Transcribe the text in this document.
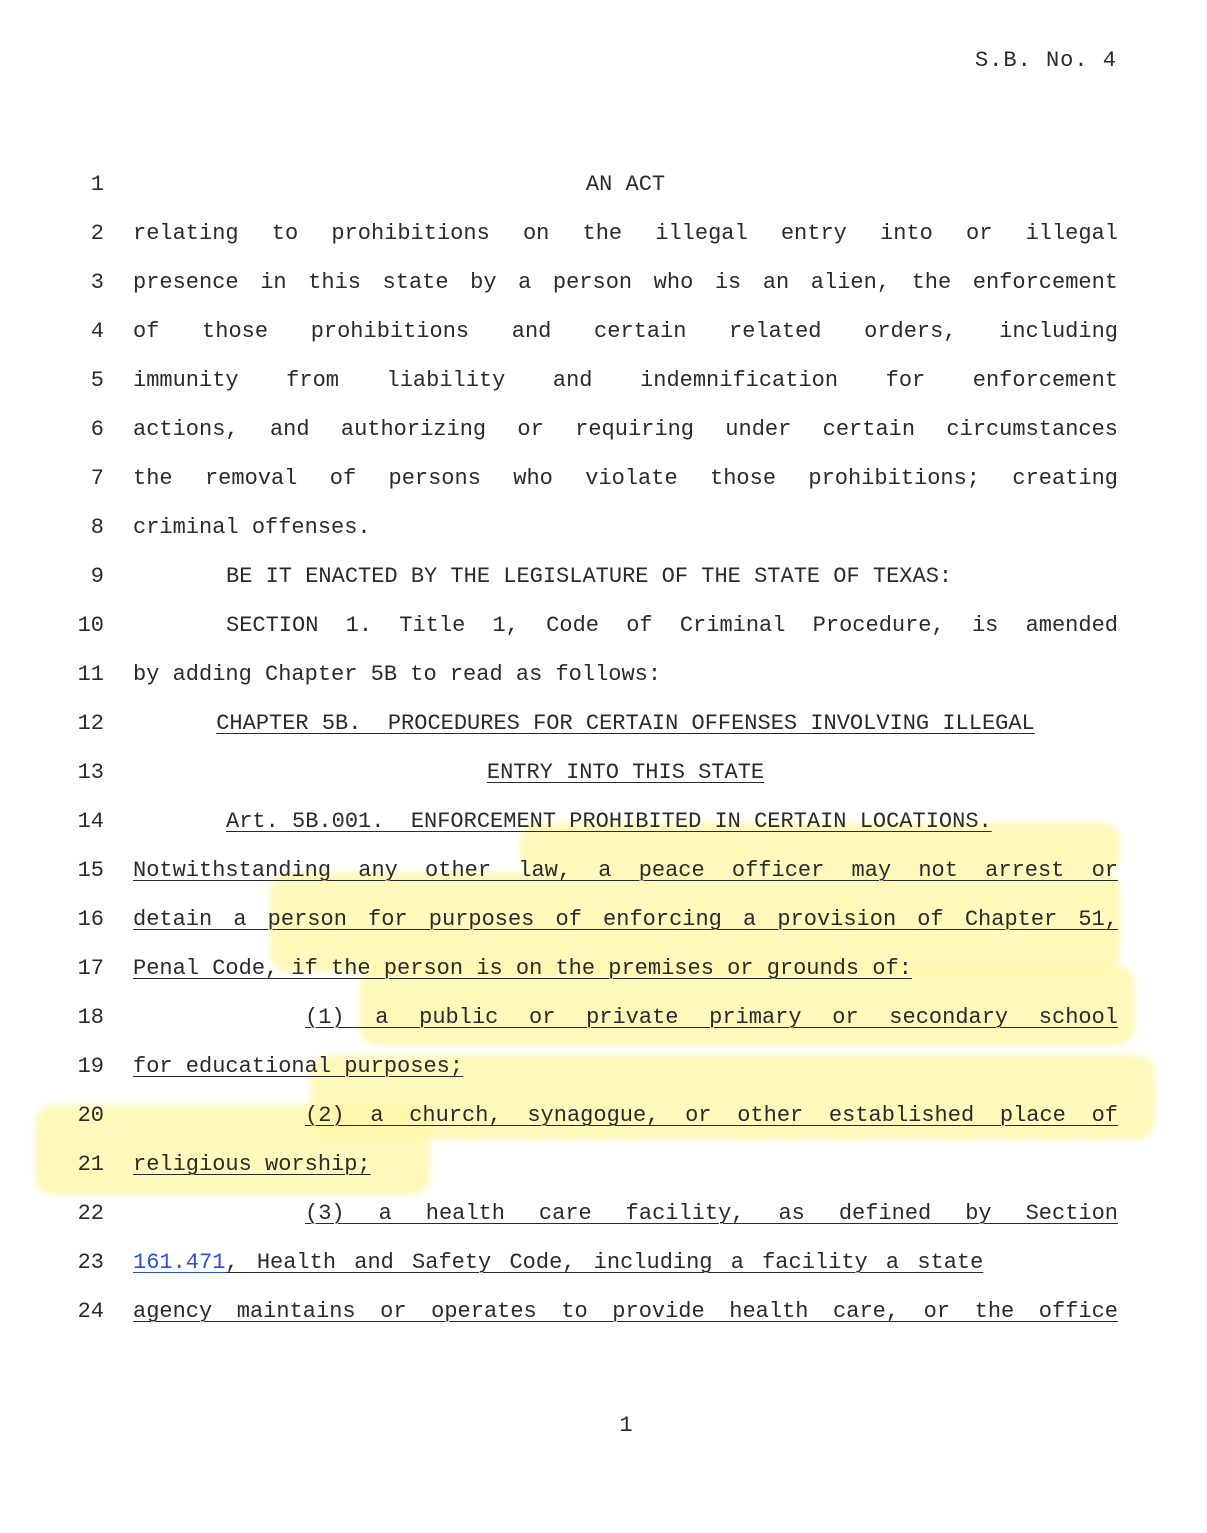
S.B. No. 4
1	AN ACT
2 relating to prohibitions on the illegal entry into or illegal
3 presence in this state by a person who is an alien, the enforcement
4 of those prohibitions and certain related orders, including
5 immunity from liability and indemnification for enforcement
6 actions, and authorizing or requiring under certain circumstances
7 the removal of persons who violate those prohibitions; creating
8 criminal offenses.
9	BE IT ENACTED BY THE LEGISLATURE OF THE STATE OF TEXAS:
10	SECTION 1. Title 1, Code of Criminal Procedure, is amended
11 by adding Chapter 5B to read as follows:
12	CHAPTER 5B.  PROCEDURES FOR CERTAIN OFFENSES INVOLVING ILLEGAL
13	ENTRY INTO THIS STATE
14	Art. 5B.001.  ENFORCEMENT PROHIBITED IN CERTAIN LOCATIONS.
15 Notwithstanding any other law, a peace officer may not arrest or
16 detain a person for purposes of enforcing a provision of Chapter 51,
17 Penal Code, if the person is on the premises or grounds of:
18	(1) a public or private primary or secondary school
19 for educational purposes;
20	(2) a church, synagogue, or other established place of
21 religious worship;
22	(3) a health care facility, as defined by Section
23 161.471, Health and Safety Code, including a facility a state
24 agency maintains or operates to provide health care, or the office
1
